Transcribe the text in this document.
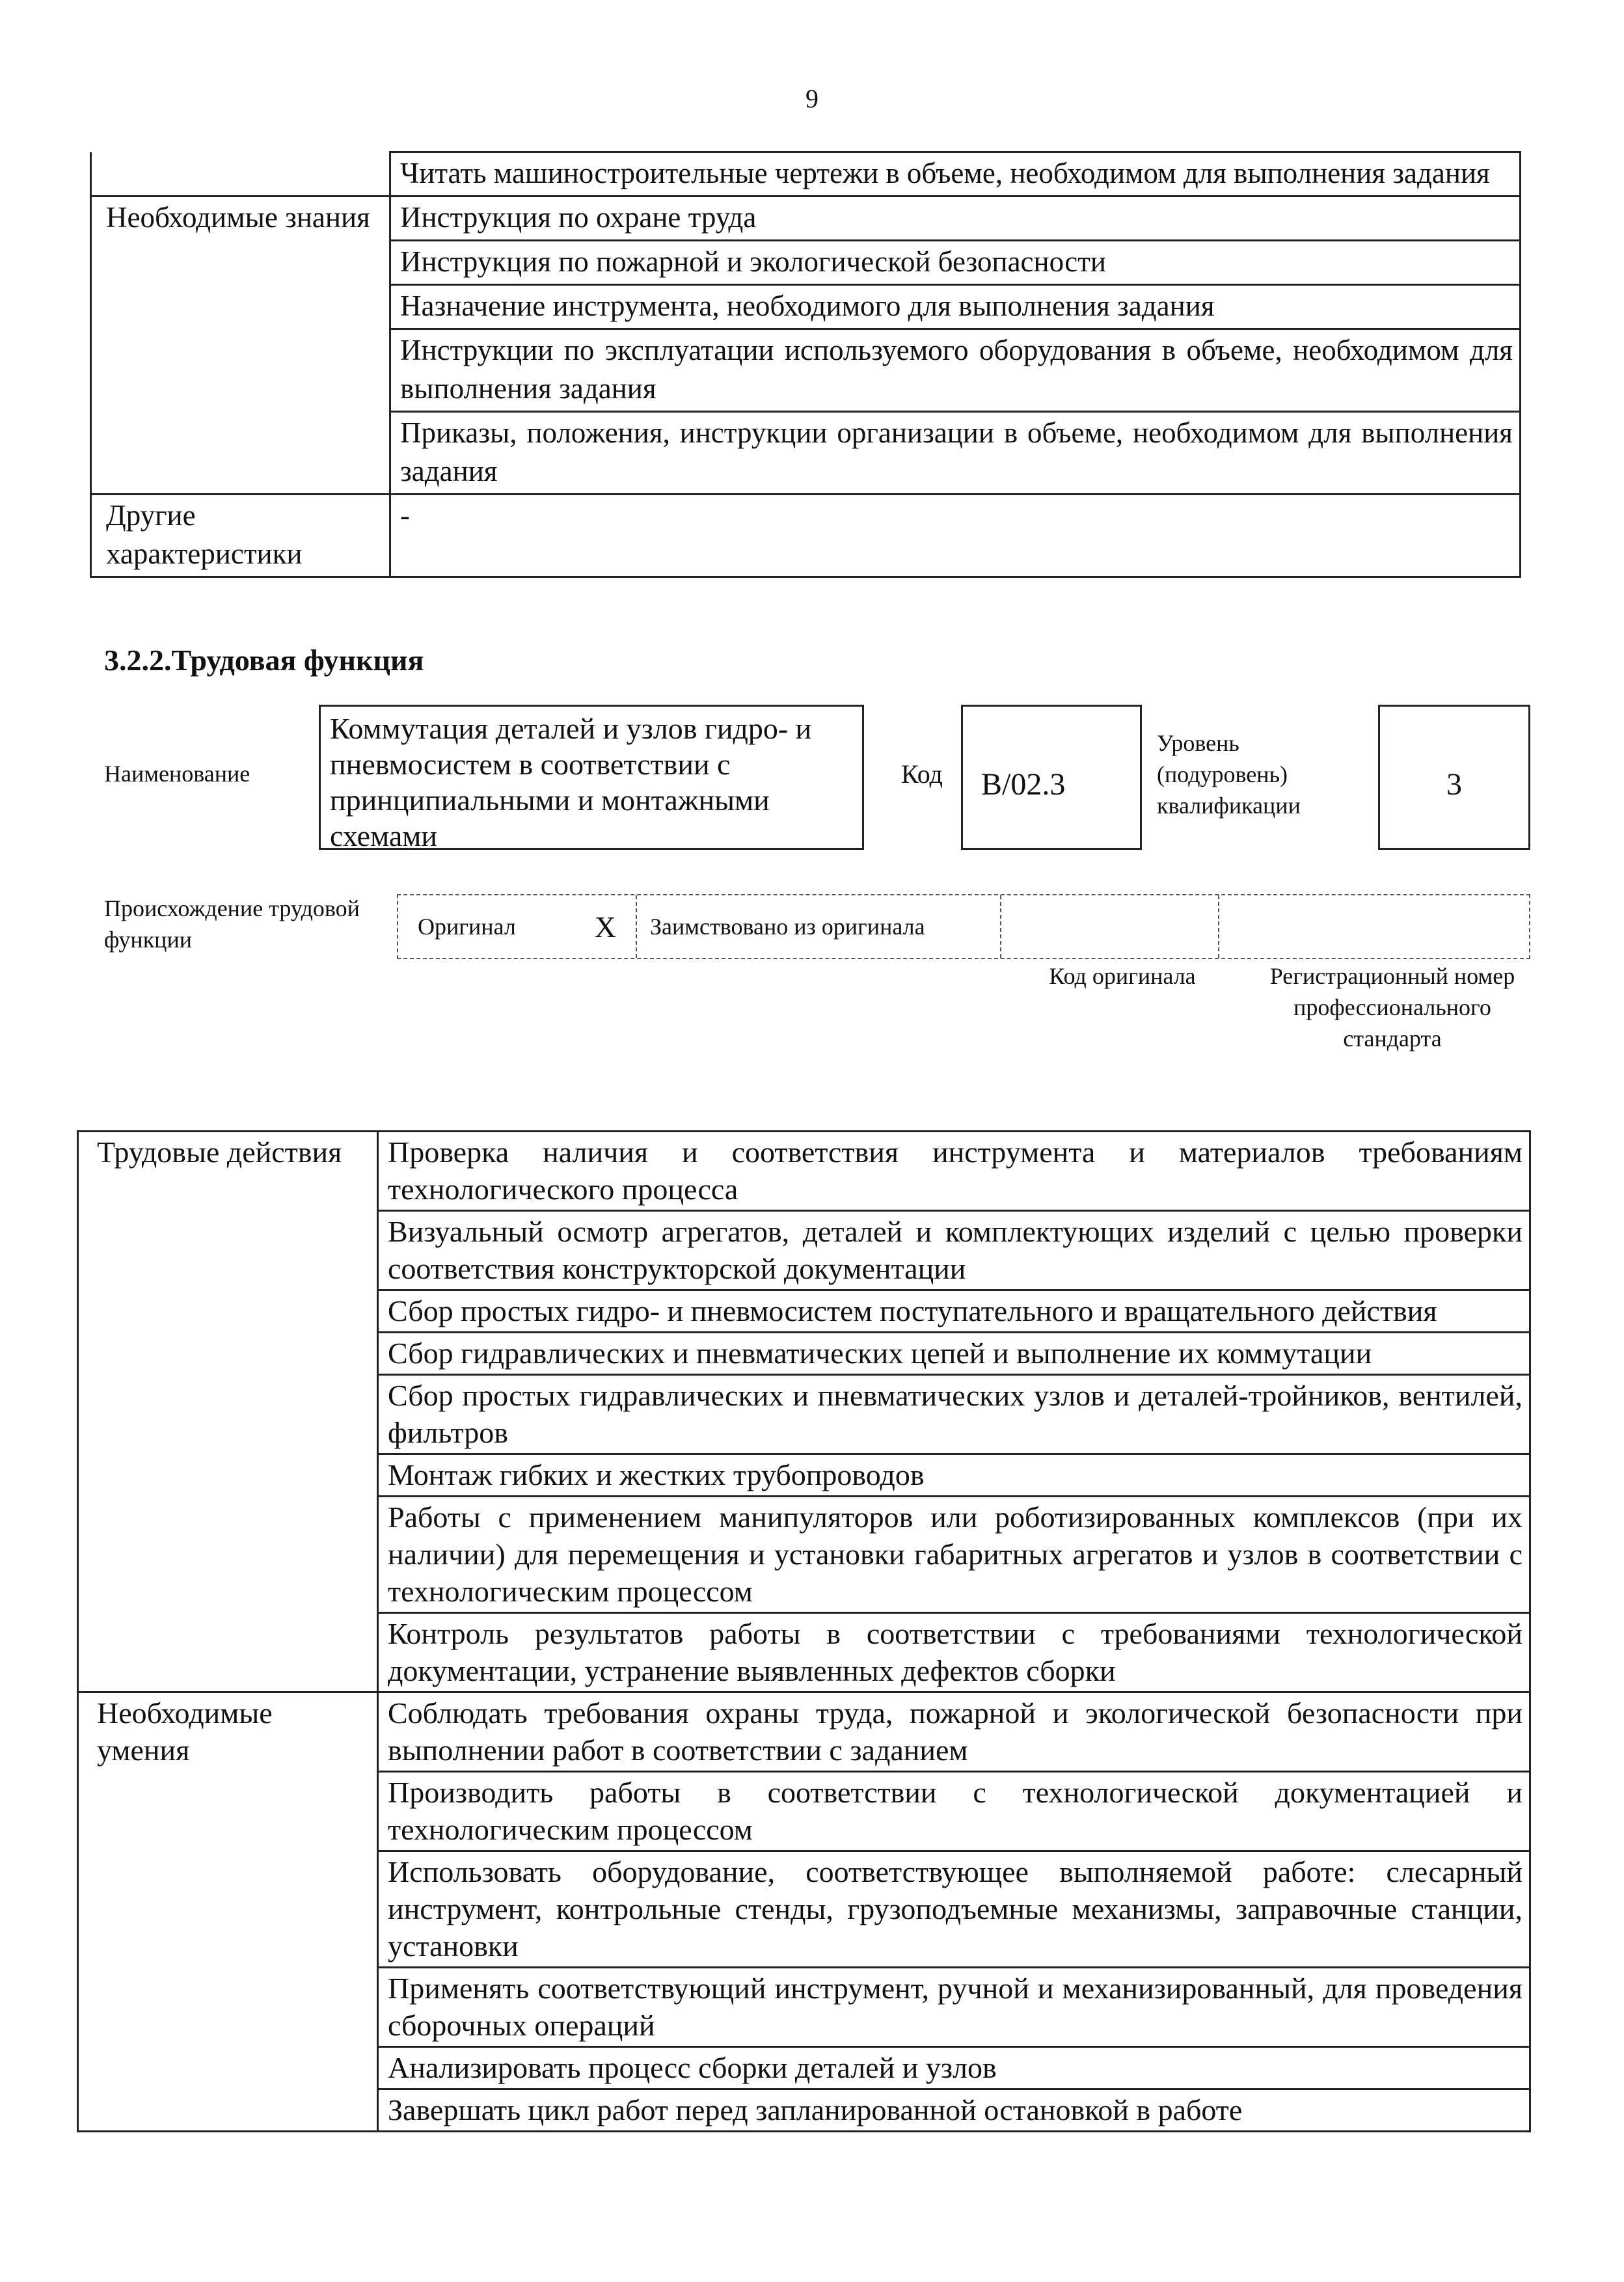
9
	Читать машиностроительные чертежи в объеме, необходимом для выполнения задания
Необходимые знания	Инструкция по охране труда
	Инструкция по пожарной и экологической безопасности
	Назначение инструмента, необходимого для выполнения задания
	Инструкции по эксплуатации используемого оборудования в объеме, необходимом для выполнения задания
	Приказы, положения, инструкции организации в объеме, необходимом для выполнения задания
Другие характеристики	-
3.2.2.Трудовая функция
Наименование
Коммутация деталей и узлов гидро- и пневмосистем в соответствии с принципиальными и монтажными схемами
Код	В/02.3
Уровень (подуровень) квалификации
3
Происхождение трудовой функции	Оригинал	X	Заимствовано из оригинала
Код оригинала	Регистрационный номер профессионального стандарта
Трудовые действия	Проверка наличия и соответствия инструмента и материалов требованиям технологического процесса
	Визуальный осмотр агрегатов, деталей и комплектующих изделий с целью проверки соответствия конструкторской документации
	Сбор простых гидро- и пневмосистем поступательного и вращательного действия
	Сбор гидравлических и пневматических цепей и выполнение их коммутации
	Сбор простых гидравлических и пневматических узлов и деталей-тройников, вентилей, фильтров
	Монтаж гибких и жестких трубопроводов
	Работы с применением манипуляторов или роботизированных комплексов (при их наличии) для перемещения и установки габаритных агрегатов и узлов в соответствии с технологическим процессом
	Контроль результатов работы в соответствии с требованиями технологической документации, устранение выявленных дефектов сборки
Необходимые умения	Соблюдать требования охраны труда, пожарной и экологической безопасности при выполнении работ в соответствии с заданием
	Производить работы в соответствии с технологической документацией и технологическим процессом
	Использовать оборудование, соответствующее выполняемой работе: слесарный инструмент, контрольные стенды, грузоподъемные механизмы, заправочные станции, установки
	Применять соответствующий инструмент, ручной и механизированный, для проведения сборочных операций
	Анализировать процесс сборки деталей и узлов
	Завершать цикл работ перед запланированной остановкой в работе
